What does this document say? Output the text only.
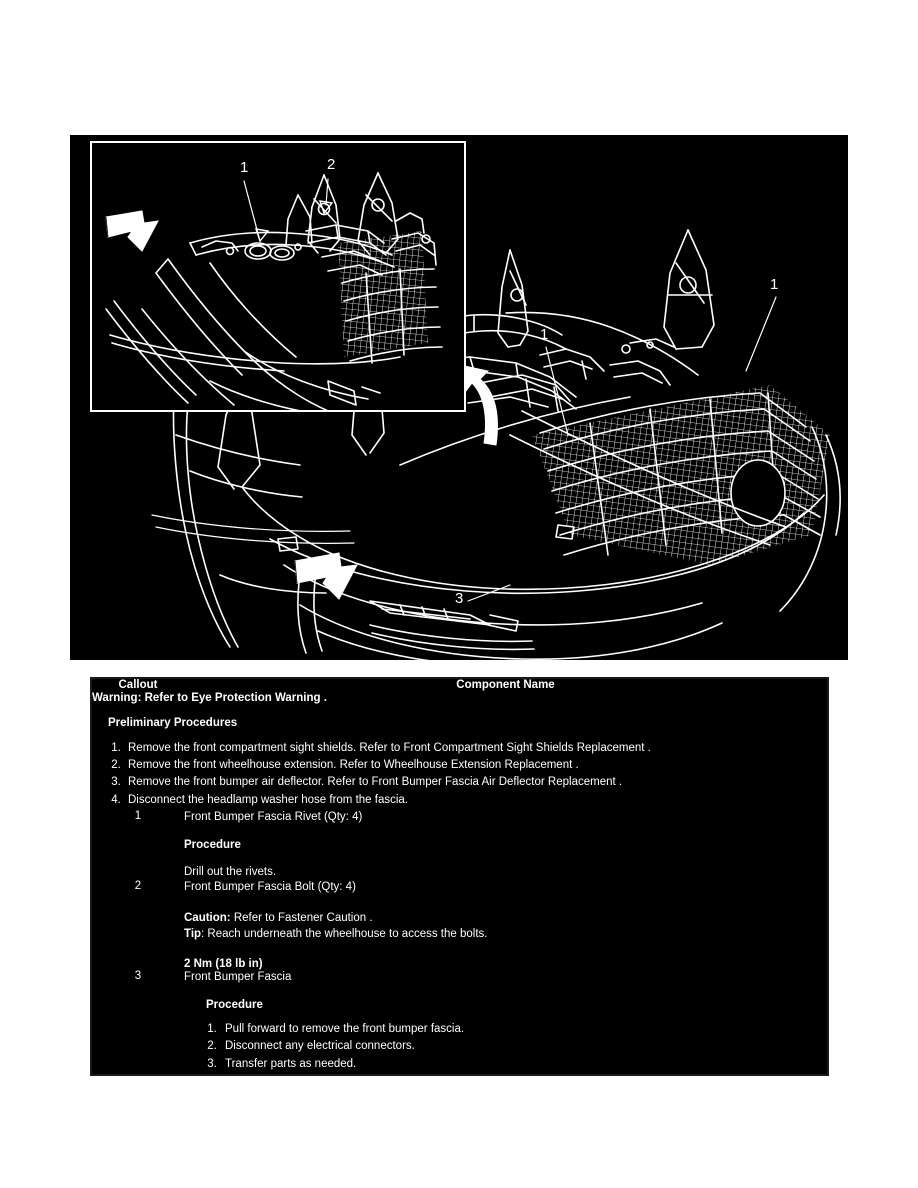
1
1
3
1	2
Callout	Component Name

Warning: Refer to Eye Protection Warning .
Preliminary Procedures
1. Remove the front compartment sight shields. Refer to Front Compartment Sight Shields Replacement .
2. Remove the front wheelhouse extension. Refer to Wheelhouse Extension Replacement .
3. Remove the front bumper air deflector. Refer to Front Bumper Fascia Air Deflector Replacement .
4. Disconnect the headlamp washer hose from the fascia.

1	Front Bumper Fascia Rivet (Qty: 4)
Procedure
Drill out the rivets.

2	Front Bumper Fascia Bolt (Qty: 4)
Caution: Refer to Fastener Caution .
Tip: Reach underneath the wheelhouse to access the bolts.
2 Nm (18 lb in)

3	Front Bumper Fascia
Procedure
1. Pull forward to remove the front bumper fascia.
2. Disconnect any electrical connectors.
3. Transfer parts as needed.
